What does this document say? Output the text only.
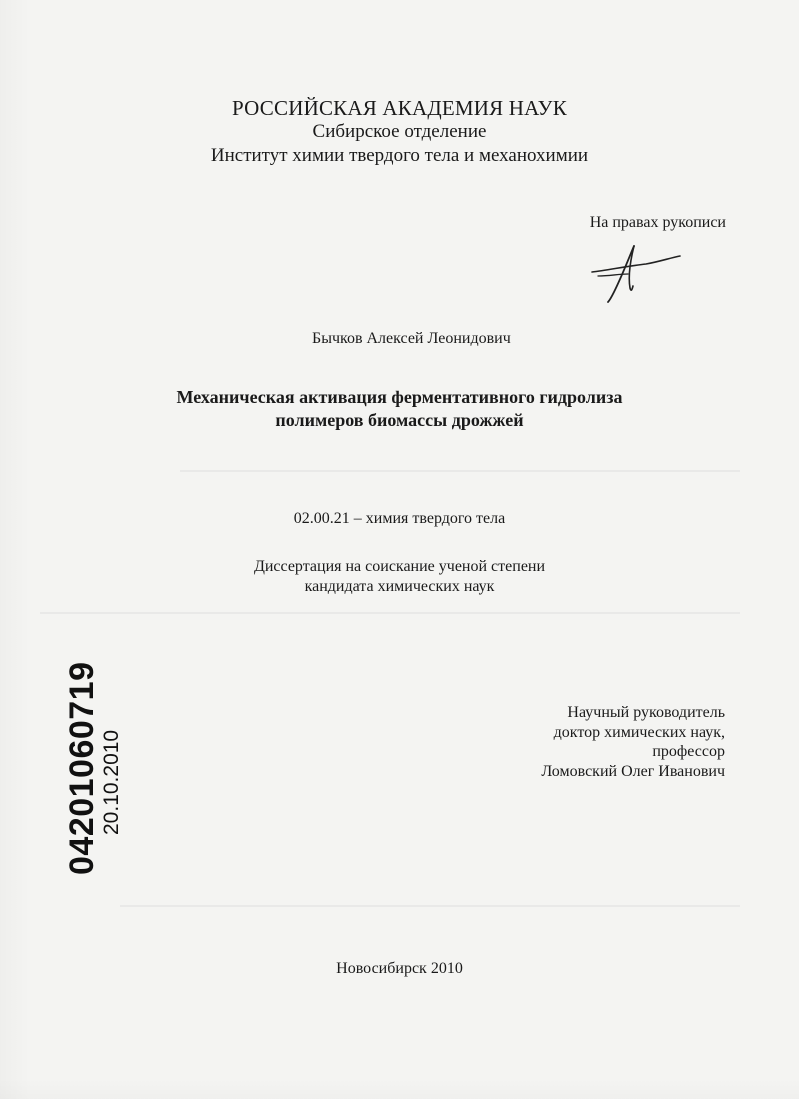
РОССИЙСКАЯ АКАДЕМИЯ НАУК
Сибирское отделение
Институт химии твердого тела и механохимии
На правах рукописи
Бычков Алексей Леонидович
Механическая активация ферментативного гидролиза
полимеров биомассы дрожжей
02.00.21 – химия твердого тела
Диссертация на соискание ученой степени
кандидата химических наук
Научный руководитель
доктор химических наук,
профессор
Ломовский Олег Иванович
Новосибирск 2010
04201060719 20.10.2010
